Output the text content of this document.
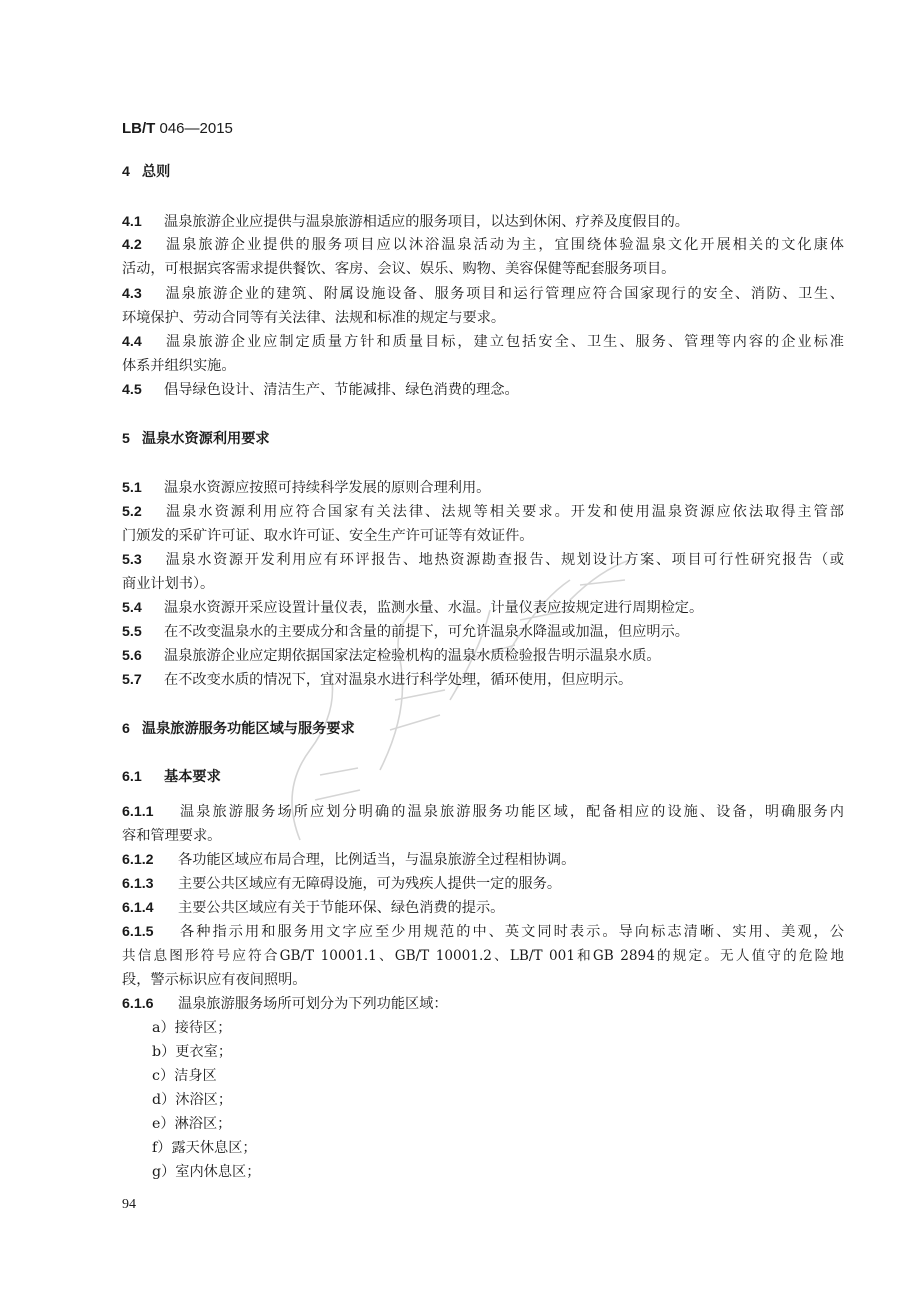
LB/T 046—2015
4 总则
4.1 温泉旅游企业应提供与温泉旅游相适应的服务项目，以达到休闲、疗养及度假目的。
4.2 温泉旅游企业提供的服务项目应以沐浴温泉活动为主，宜围绕体验温泉文化开展相关的文化康体
活动，可根据宾客需求提供餐饮、客房、会议、娱乐、购物、美容保健等配套服务项目。
4.3 温泉旅游企业的建筑、附属设施设备、服务项目和运行管理应符合国家现行的安全、消防、卫生、
环境保护、劳动合同等有关法律、法规和标准的规定与要求。
4.4 温泉旅游企业应制定质量方针和质量目标，建立包括安全、卫生、服务、管理等内容的企业标准
体系并组织实施。
4.5 倡导绿色设计、清洁生产、节能减排、绿色消费的理念。
5 温泉水资源利用要求
5.1 温泉水资源应按照可持续科学发展的原则合理利用。
5.2 温泉水资源利用应符合国家有关法律、法规等相关要求。开发和使用温泉资源应依法取得主管部
门颁发的采矿许可证、取水许可证、安全生产许可证等有效证件。
5.3 温泉水资源开发利用应有环评报告、地热资源勘查报告、规划设计方案、项目可行性研究报告（或
商业计划书）。
5.4 温泉水资源开采应设置计量仪表，监测水量、水温。计量仪表应按规定进行周期检定。
5.5 在不改变温泉水的主要成分和含量的前提下，可允许温泉水降温或加温，但应明示。
5.6 温泉旅游企业应定期依据国家法定检验机构的温泉水质检验报告明示温泉水质。
5.7 在不改变水质的情况下，宜对温泉水进行科学处理，循环使用，但应明示。
6 温泉旅游服务功能区域与服务要求
6.1 基本要求
6.1.1 温泉旅游服务场所应划分明确的温泉旅游服务功能区域，配备相应的设施、设备，明确服务内
容和管理要求。
6.1.2 各功能区域应布局合理，比例适当，与温泉旅游全过程相协调。
6.1.3 主要公共区域应有无障碍设施，可为残疾人提供一定的服务。
6.1.4 主要公共区域应有关于节能环保、绿色消费的提示。
6.1.5 各种指示用和服务用文字应至少用规范的中、英文同时表示。导向标志清晰、实用、美观，公
共信息图形符号应符合GB/T 10001.1、GB/T 10001.2、LB/T 001和GB 2894的规定。无人值守的危险地
段，警示标识应有夜间照明。
6.1.6 温泉旅游服务场所可划分为下列功能区域：
a）接待区；
b）更衣室；
c）洁身区
d）沐浴区；
e）淋浴区；
f）露天休息区；
g）室内休息区；
94
